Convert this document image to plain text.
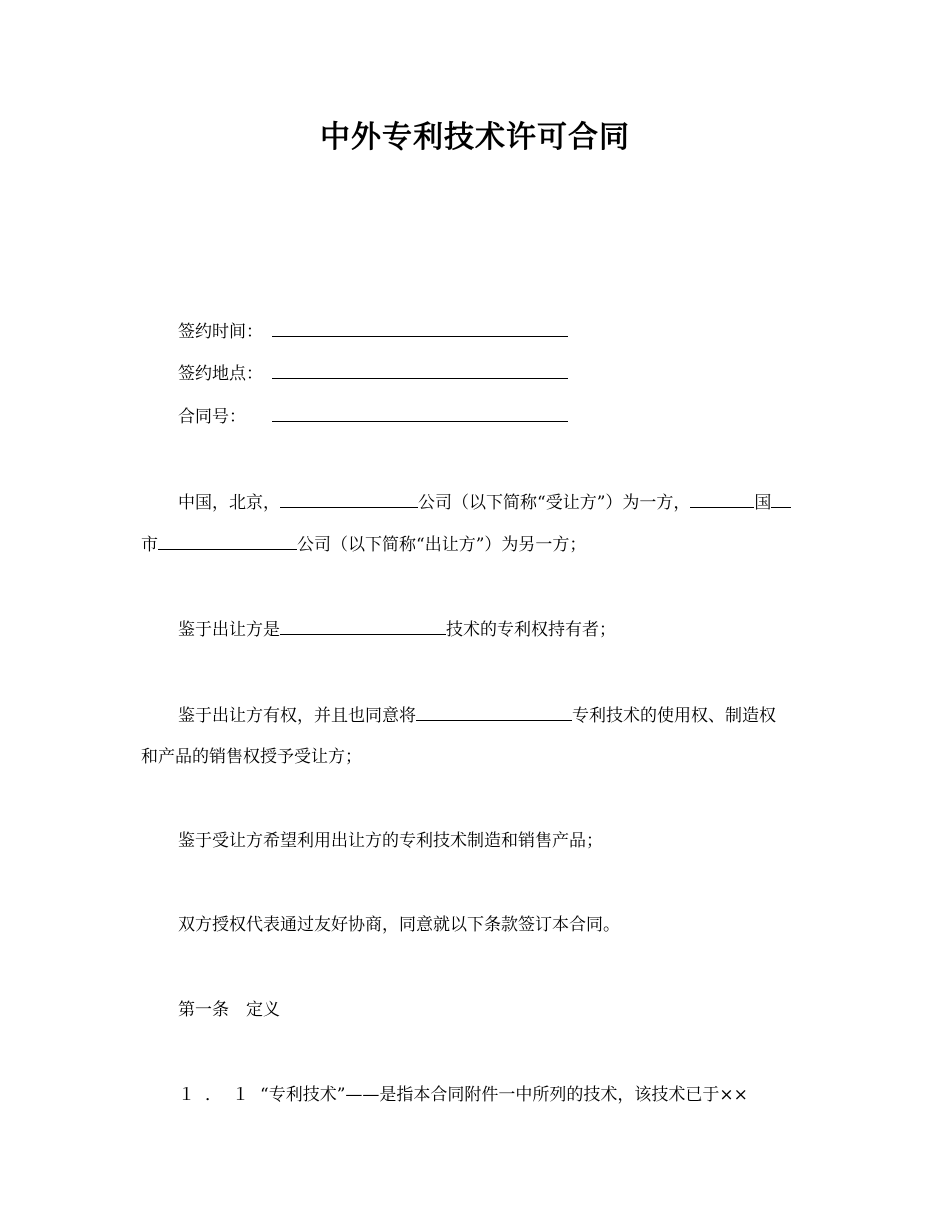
中外专利技术许可合同
签约时间：
签约地点：
合同号：
中国，北京，	公司（以下简称“受让方”）为一方，	国
市	公司（以下简称“出让方”）为另一方；
鉴于出让方是	技术的专利权持有者；
鉴于出让方有权，并且也同意将	专利技术的使用权、制造权
和产品的销售权授予受让方；
鉴于受让方希望利用出让方的专利技术制造和销售产品；
双方授权代表通过友好协商，同意就以下条款签订本合同。
第一条　定义
１．１“专利技术”——是指本合同附件一中所列的技术，该技术已于××
